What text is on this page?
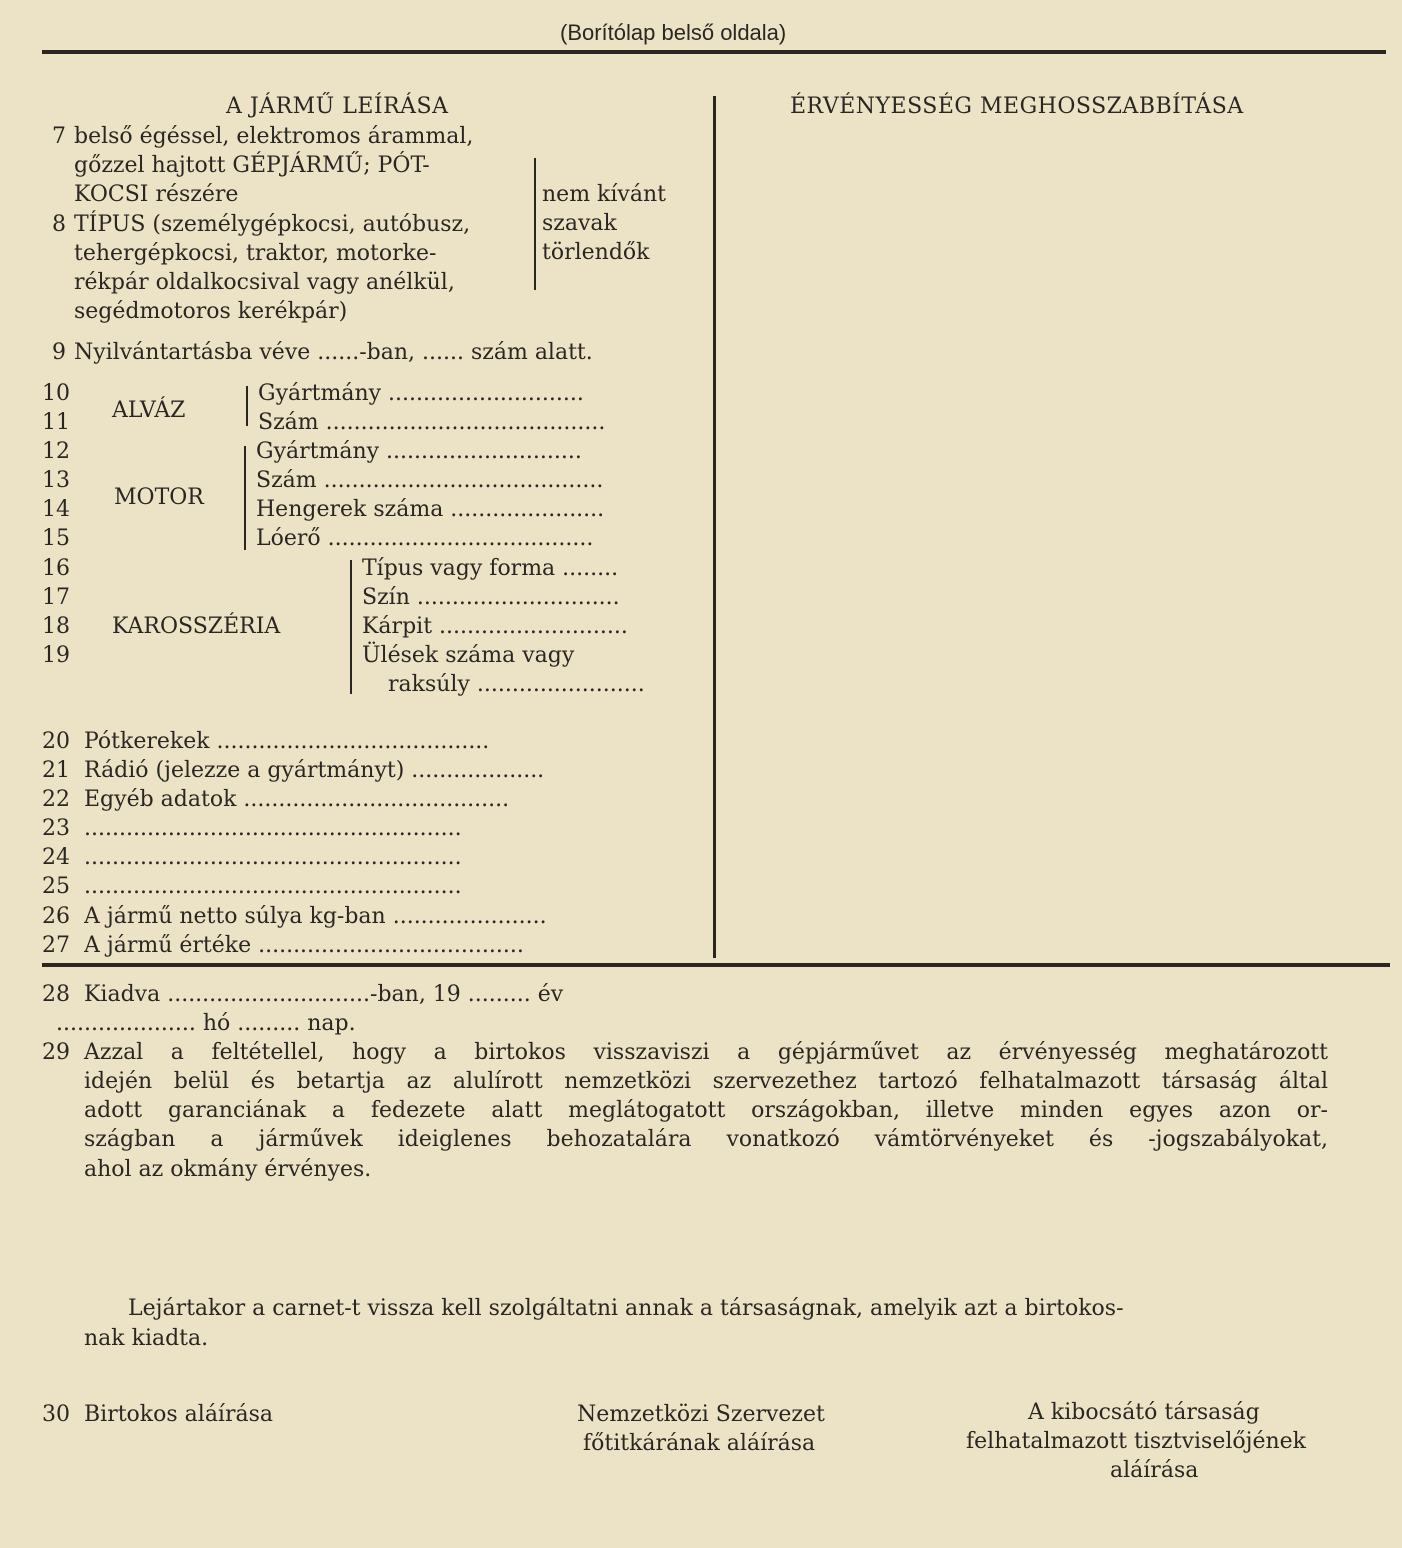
(Borítólap belső oldala)
A JÁRMŰ LEÍRÁSA	ÉRVÉNYESSÉG MEGHOSSZABBÍTÁSA
7 belső égéssel, elektromos árammal,
gőzzel hajtott GÉPJÁRMŰ; PÓT-
KOCSI részére
8 TÍPUS (személygépkocsi, autóbusz,
tehergépkocsi, traktor, motorke-
rékpár oldalkocsival vagy anélkül,
segédmotoros kerékpár)
nem kívánt
szavak
törlendők
9 Nyilvántartásba véve ......-ban, ...... szám alatt.
10
11 ALVÁZ
Gyártmány ............................
Szám ........................................
12
13
14
15
MOTOR
Gyártmány ............................
Szám ........................................
Hengerek száma ......................
Lóerő ......................................
16
17
18
19
KAROSSZÉRIA
Típus vagy forma ........
Szín .............................
Kárpit ...........................
Ülések száma vagy
raksúly ........................
20 Pótkerekek .......................................
21 Rádió (jelezze a gyártmányt) ...................
22 Egyéb adatok ......................................
23 ......................................................
24 ......................................................
25 ......................................................
26 A jármű netto súlya kg-ban ......................
27 A jármű értéke ......................................
28 Kiadva .............................-ban, 19 ......... év
.................... hó ......... nap.
29 Azzal a feltétellel, hogy a birtokos visszaviszi a gépjárművet az érvényesség meghatározott
idején belül és betartja az alulírott nemzetközi szervezethez tartozó felhatalmazott társaság által
adott garanciának a fedezete alatt meglátogatott országokban, illetve minden egyes azon or-
szágban a járművek ideiglenes behozatalára vonatkozó vámtörvényeket és -jogszabályokat,
ahol az okmány érvényes.
Lejártakor a carnet-t vissza kell szolgáltatni annak a társaságnak, amelyik azt a birtokos-
nak kiadta.
30 Birtokos aláírása	Nemzetközi Szervezet
főtitkárának aláírása
A kibocsátó társaság
felhatalmazott tisztviselőjének
aláírása
